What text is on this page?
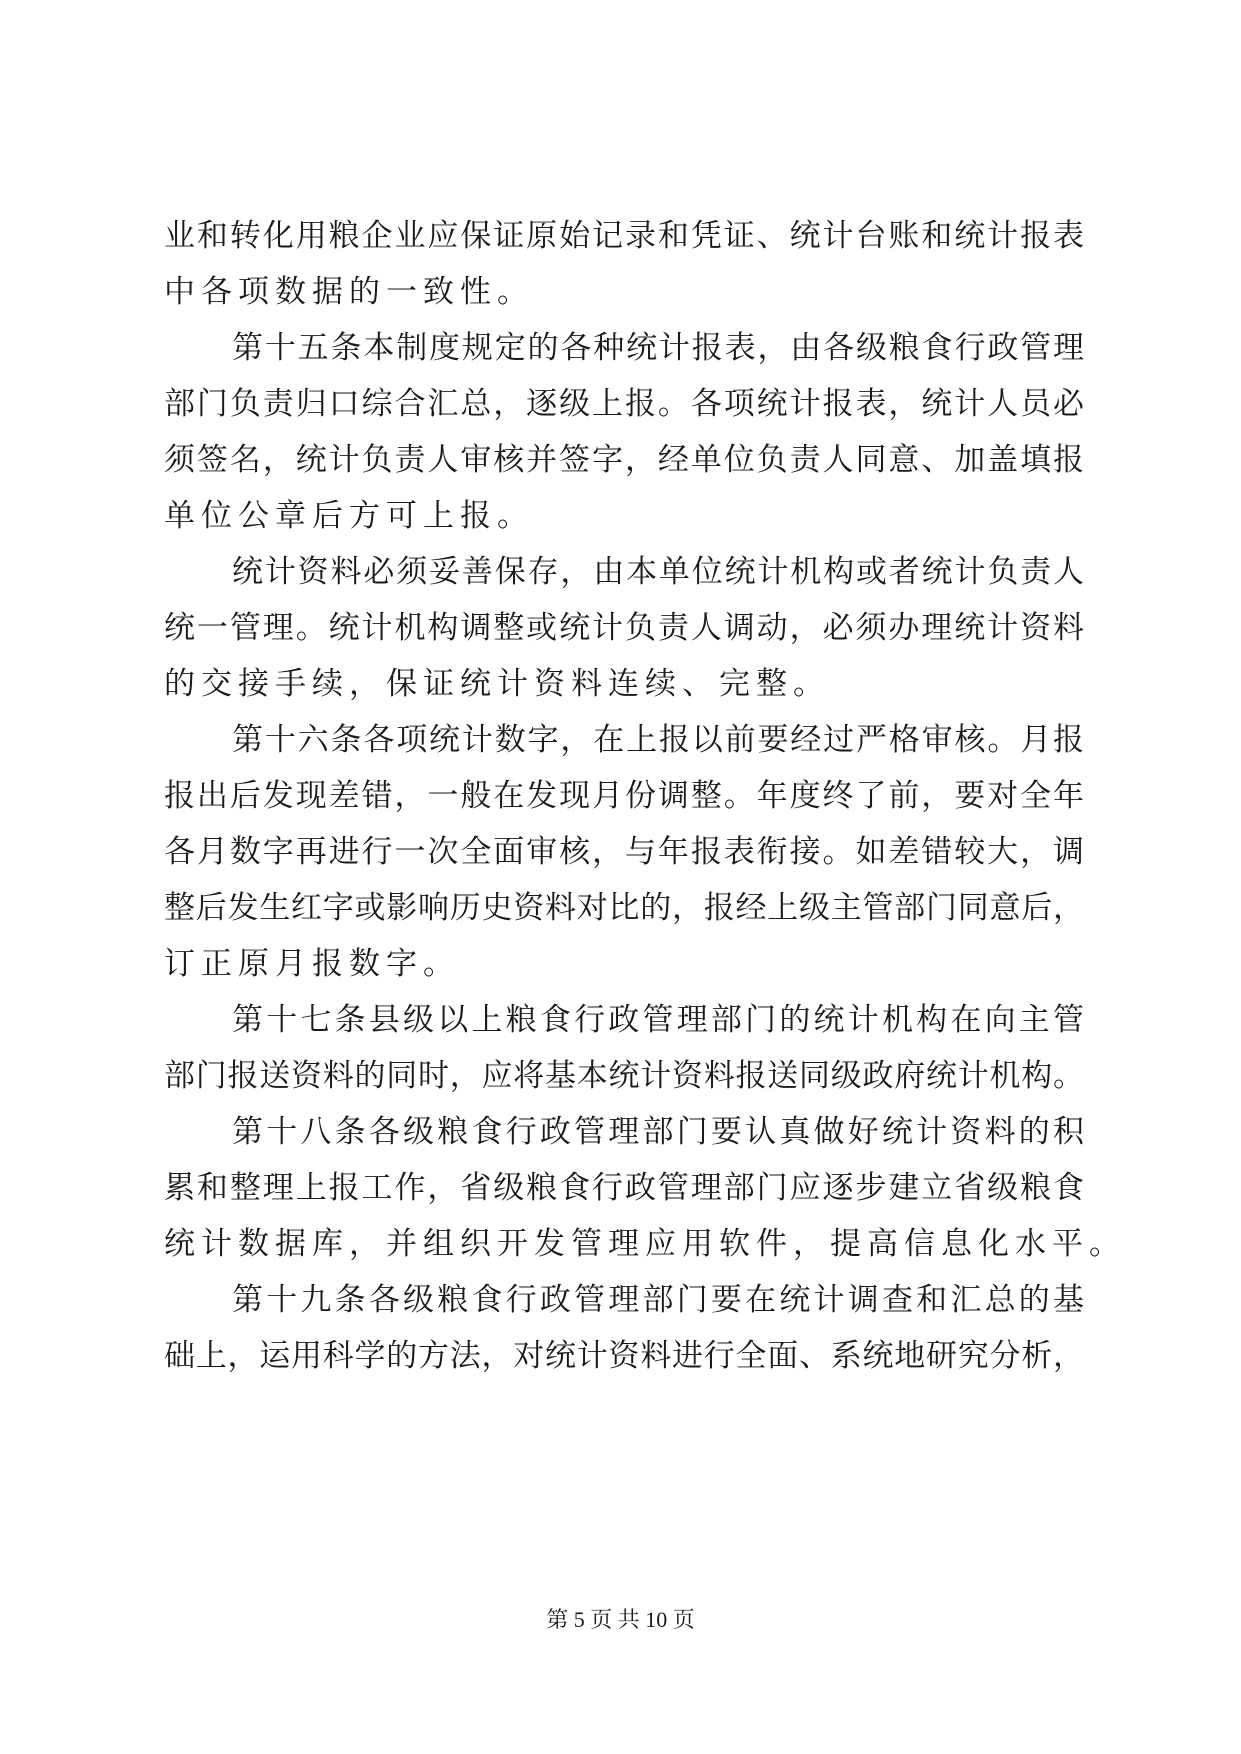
业和转化用粮企业应保证原始记录和凭证、统计台账和统计报表
中各项数据的一致性。
第十五条本制度规定的各种统计报表，由各级粮食行政管理
部门负责归口综合汇总，逐级上报。各项统计报表，统计人员必
须签名，统计负责人审核并签字，经单位负责人同意、加盖填报
单位公章后方可上报。
统计资料必须妥善保存，由本单位统计机构或者统计负责人
统一管理。统计机构调整或统计负责人调动，必须办理统计资料
的交接手续，保证统计资料连续、完整。
第十六条各项统计数字，在上报以前要经过严格审核。月报
报出后发现差错，一般在发现月份调整。年度终了前，要对全年
各月数字再进行一次全面审核，与年报表衔接。如差错较大，调
整后发生红字或影响历史资料对比的，报经上级主管部门同意后，
订正原月报数字。
第十七条县级以上粮食行政管理部门的统计机构在向主管
部门报送资料的同时，应将基本统计资料报送同级政府统计机构。
第十八条各级粮食行政管理部门要认真做好统计资料的积
累和整理上报工作，省级粮食行政管理部门应逐步建立省级粮食
统计数据库，并组织开发管理应用软件，提高信息化水平。
第十九条各级粮食行政管理部门要在统计调查和汇总的基
础上，运用科学的方法，对统计资料进行全面、系统地研究分析，
第 5 页 共 10 页
